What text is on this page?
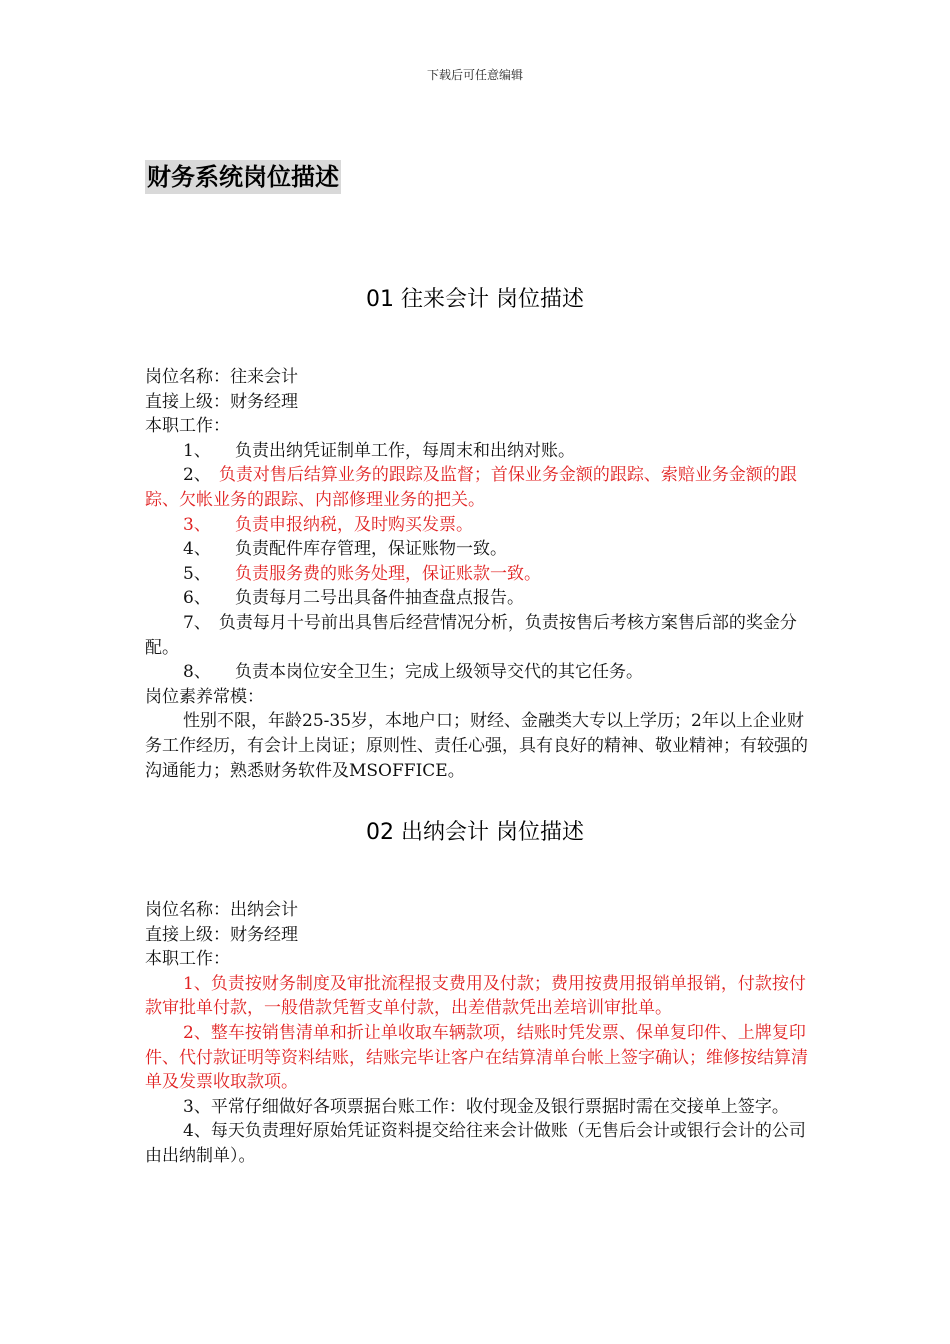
下载后可任意编辑
财务系统岗位描述
01 往来会计 岗位描述

岗位名称：往来会计

直接上级：财务经理

本职工作：

1、 负责出纳凭证制单工作，每周末和出纳对账。

2、 负责对售后结算业务的跟踪及监督；首保业务金额的跟踪、索赔业务金额的跟踪、欠帐业务的跟踪、内部修理业务的把关。

3、 负责申报纳税，及时购买发票。

4、 负责配件库存管理，保证账物一致。

5、 负责服务费的账务处理，保证账款一致。

6、 负责每月二号出具备件抽查盘点报告。

7、 负责每月十号前出具售后经营情况分析，负责按售后考核方案售后部的奖金分配。

8、 负责本岗位安全卫生；完成上级领导交代的其它任务。

岗位素养常模：

性别不限，年龄25-35岁，本地户口；财经、金融类大专以上学历；2年以上企业财务工作经历，有会计上岗证；原则性、责任心强，具有良好的精神、敬业精神；有较强的沟通能力；熟悉财务软件及MSOFFICE。

02 出纳会计 岗位描述

岗位名称：出纳会计

直接上级：财务经理

本职工作：

1、负责按财务制度及审批流程报支费用及付款；费用按费用报销单报销，付款按付款审批单付款，一般借款凭暂支单付款，出差借款凭出差培训审批单。

2、整车按销售清单和折让单收取车辆款项，结账时凭发票、保单复印件、上牌复印件、代付款证明等资料结账，结账完毕让客户在结算清单台帐上签字确认；维修按结算清单及发票收取款项。

3、平常仔细做好各项票据台账工作：收付现金及银行票据时需在交接单上签字。

4、每天负责理好原始凭证资料提交给往来会计做账（无售后会计或银行会计的公司由出纳制单）。
